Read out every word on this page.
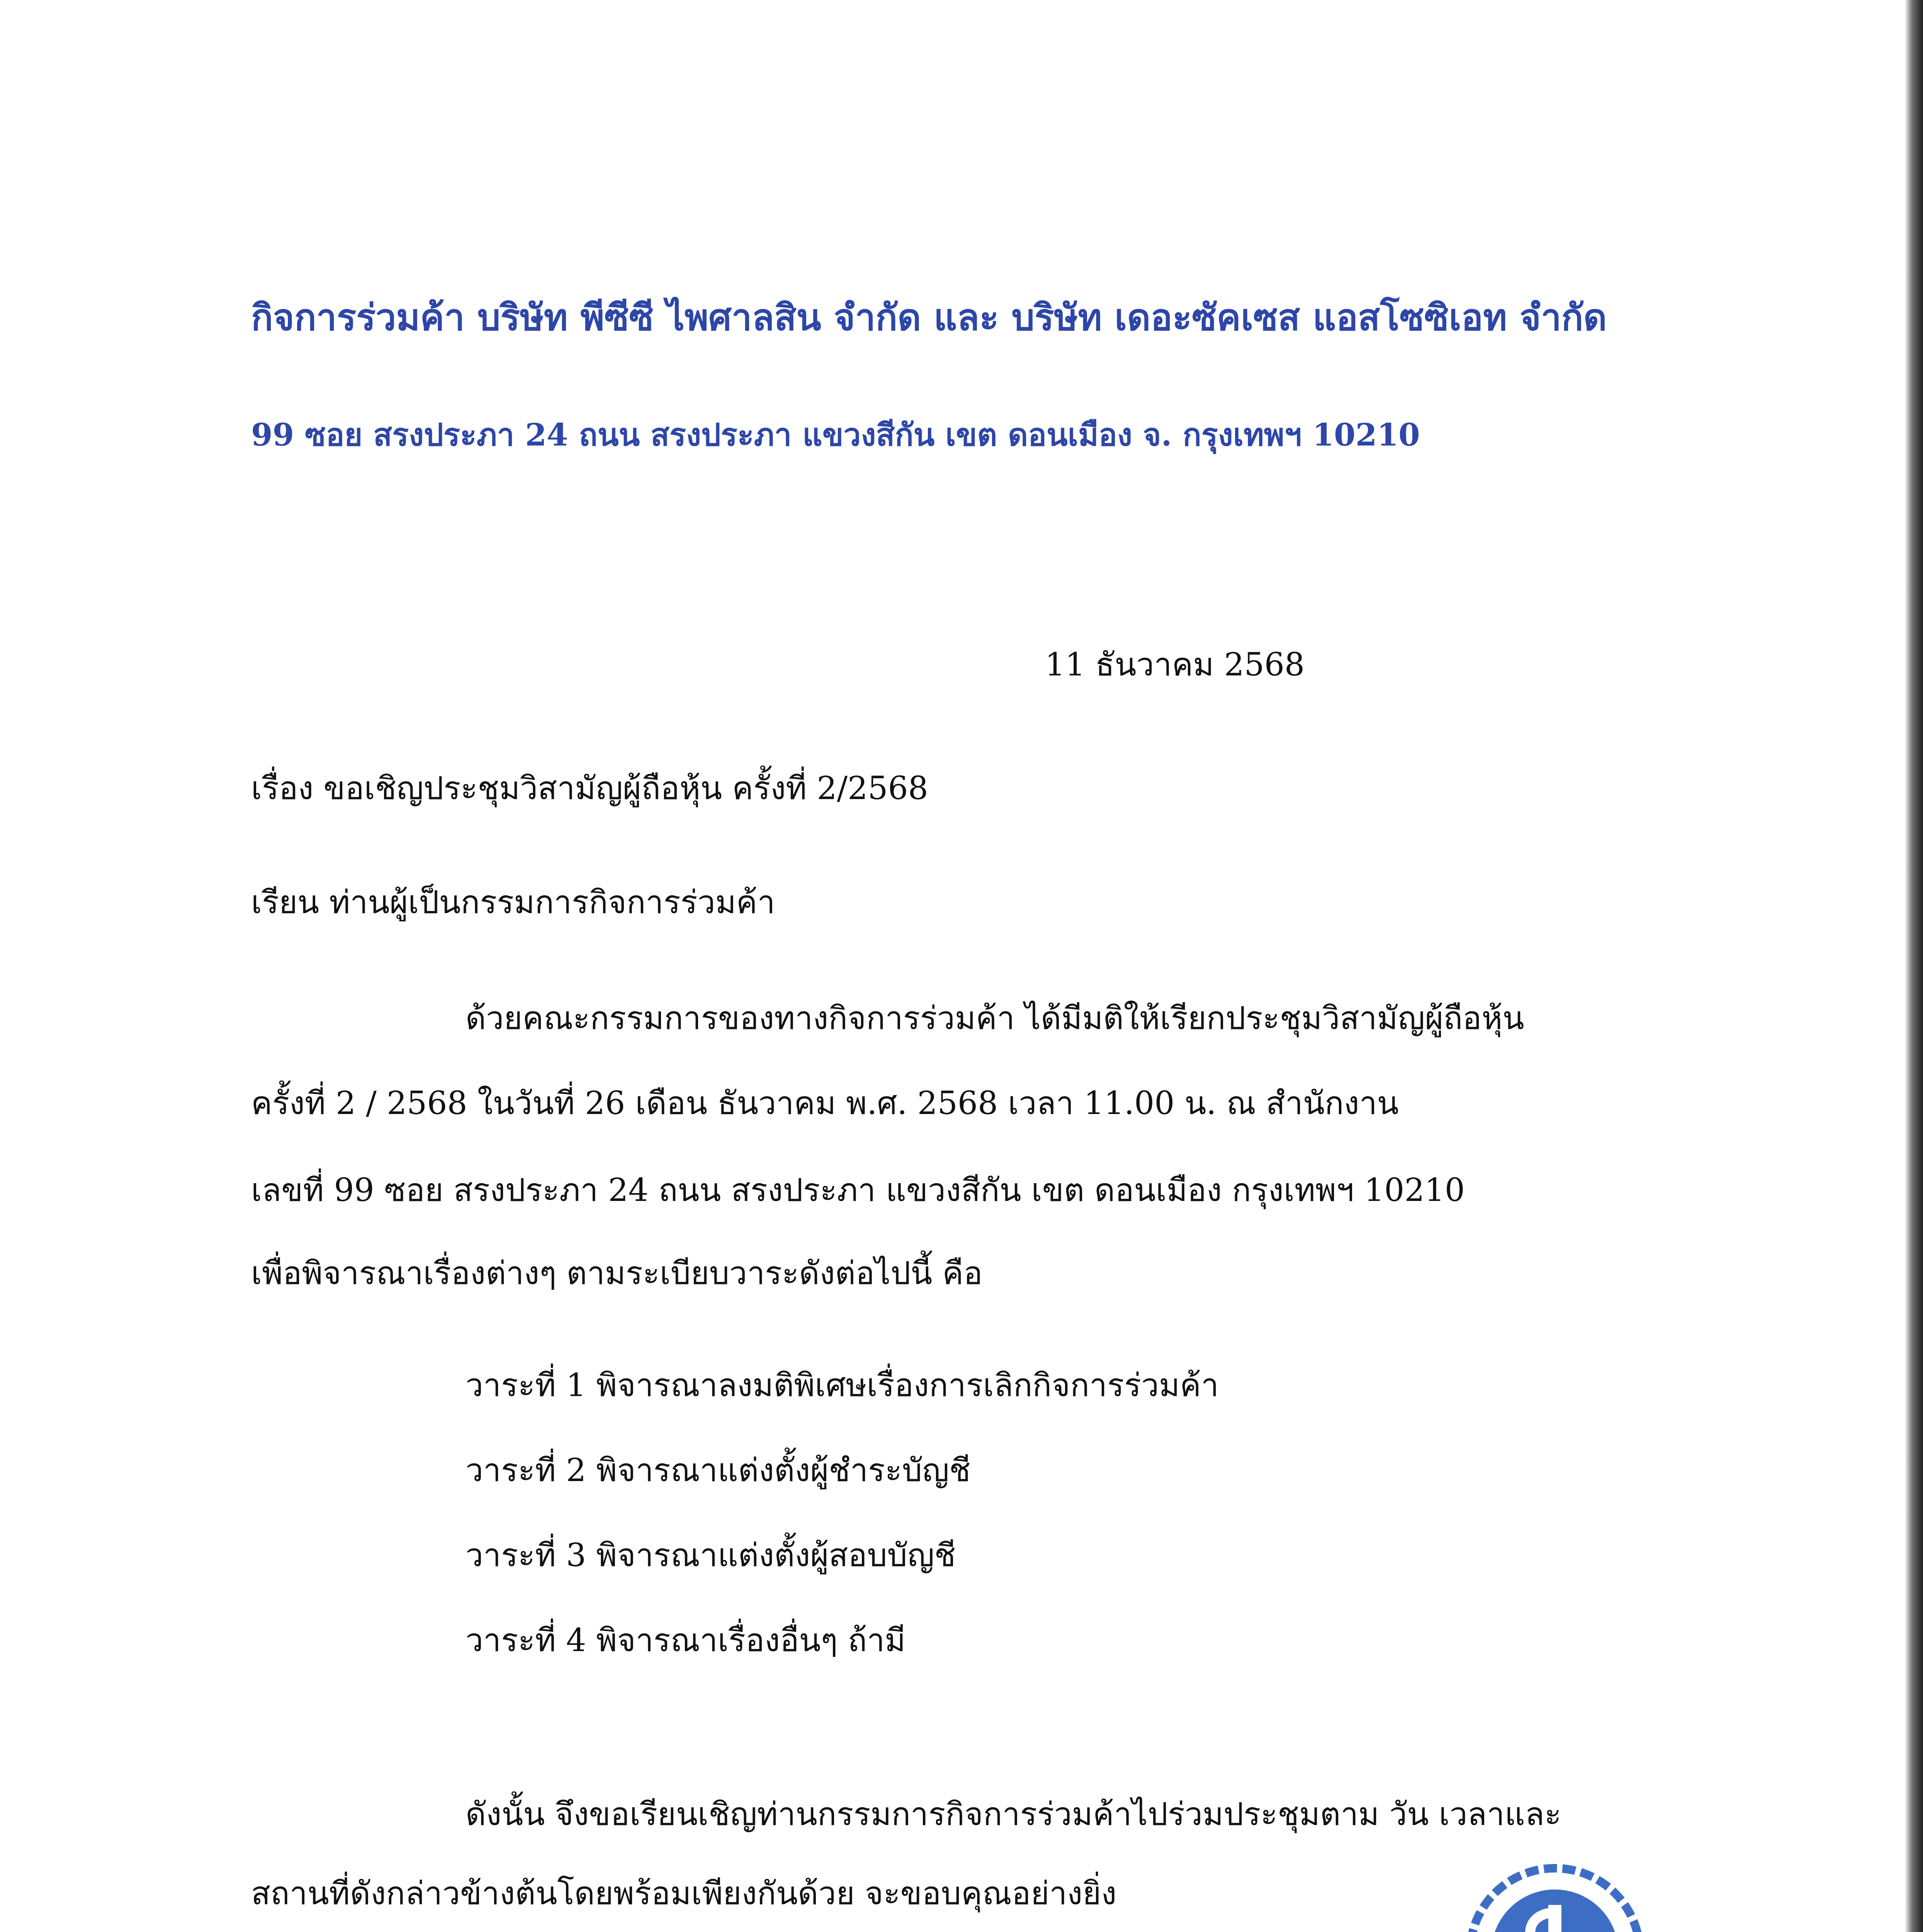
กิจการร่วมค้า บริษัท พีซีซี ไพศาลสิน จำกัด และ บริษัท เดอะซัคเซส แอสโซซิเอท จำกัด
99 ซอย สรงประภา 24 ถนน สรงประภา แขวงสีกัน เขต ดอนเมือง จ. กรุงเทพฯ 10210
11 ธันวาคม 2568
เรื่อง ขอเชิญประชุมวิสามัญผู้ถือหุ้น ครั้งที่ 2/2568
เรียน ท่านผู้เป็นกรรมการกิจการร่วมค้า
ด้วยคณะกรรมการของทางกิจการร่วมค้า ได้มีมติให้เรียกประชุมวิสามัญผู้ถือหุ้น
ครั้งที่ 2 / 2568 ในวันที่ 26 เดือน ธันวาคม พ.ศ. 2568 เวลา 11.00 น. ณ สำนักงาน
เลขที่ 99 ซอย สรงประภา 24 ถนน สรงประภา แขวงสีกัน เขต ดอนเมือง กรุงเทพฯ 10210
เพื่อพิจารณาเรื่องต่างๆ ตามระเบียบวาระดังต่อไปนี้ คือ
วาระที่ 1 พิจารณาลงมติพิเศษเรื่องการเลิกกิจการร่วมค้า
วาระที่ 2 พิจารณาแต่งตั้งผู้ชำระบัญชี
วาระที่ 3 พิจารณาแต่งตั้งผู้สอบบัญชี
วาระที่ 4 พิจารณาเรื่องอื่นๆ ถ้ามี
ดังนั้น จึงขอเรียนเชิญท่านกรรมการกิจการร่วมค้าไปร่วมประชุมตาม วัน เวลาและ
สถานที่ดังกล่าวข้างต้นโดยพร้อมเพียงกันด้วย จะขอบคุณอย่างยิ่ง
